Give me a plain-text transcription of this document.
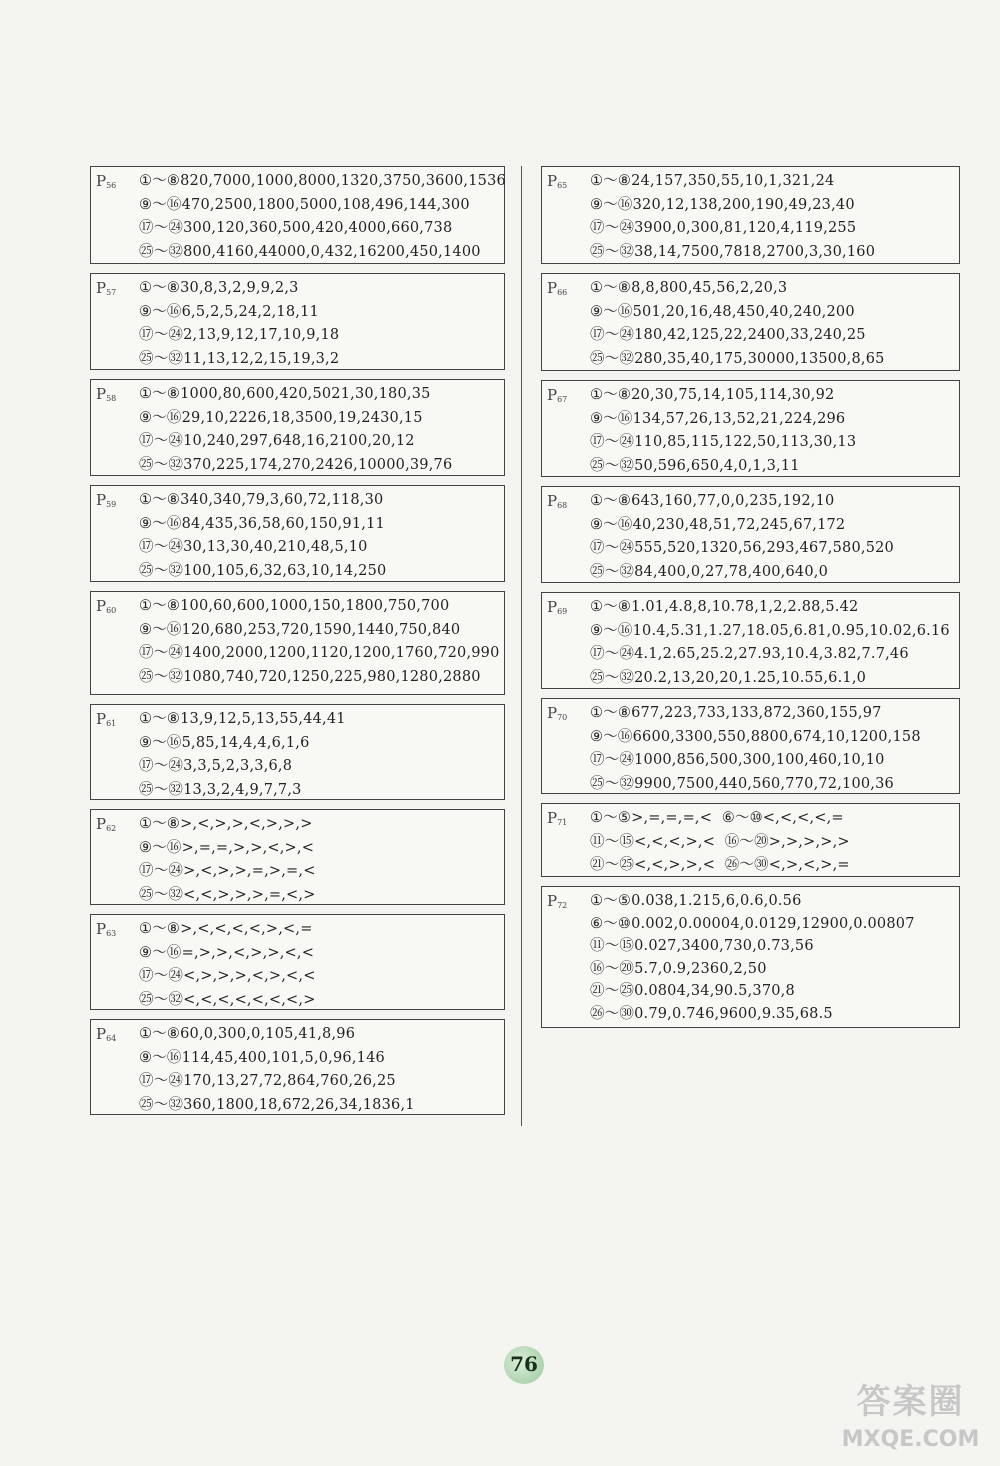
$P_{56}$	①～⑧820,7000,1000,8000,1320,3750,3600,1536
⑨～⑯470,2500,1800,5000,108,496,144,300
⑰～㉔300,120,360,500,420,4000,660,738
㉕～㉜800,4160,44000,0,432,16200,450,1400
$P_{57}$	①～⑧30,8,3,2,9,9,2,3
⑨～⑯6,5,2,5,24,2,18,11
⑰～㉔2,13,9,12,17,10,9,18
㉕～㉜11,13,12,2,15,19,3,2
$P_{58}$	①～⑧1000,80,600,420,5021,30,180,35
⑨～⑯29,10,2226,18,3500,19,2430,15
⑰～㉔10,240,297,648,16,2100,20,12
㉕～㉜370,225,174,270,2426,10000,39,76
$P_{59}$	①～⑧340,340,79,3,60,72,118,30
⑨～⑯84,435,36,58,60,150,91,11
⑰～㉔30,13,30,40,210,48,5,10
㉕～㉜100,105,6,32,63,10,14,250
$P_{60}$	①～⑧100,60,600,1000,150,1800,750,700
⑨～⑯120,680,253,720,1590,1440,750,840
⑰～㉔1400,2000,1200,1120,1200,1760,720,990
㉕～㉜1080,740,720,1250,225,980,1280,2880
$P_{61}$	①～⑧13,9,12,5,13,55,44,41
⑨～⑯5,85,14,4,4,6,1,6
⑰～㉔3,3,5,2,3,3,6,8
㉕～㉜13,3,2,4,9,7,7,3
$P_{62}$	①～⑧>,<,>,>,<,>,>,>
⑨～⑯>,=,=,>,>,<,>,<
⑰～㉔>,<,>,>,=,>,=,<
㉕～㉜<,<,>,>,>,=,<,>
$P_{63}$	①～⑧>,<,<,<,<,>,<,=
⑨～⑯=,>,>,<,>,>,<,<
⑰～㉔<,>,>,>,<,>,<,<
㉕～㉜<,<,<,<,<,<,<,>
$P_{64}$	①～⑧60,0,300,0,105,41,8,96
⑨～⑯114,45,400,101,5,0,96,146
⑰～㉔170,13,27,72,864,760,26,25
㉕～㉜360,1800,18,672,26,34,1836,1
$P_{65}$	①～⑧24,157,350,55,10,1,321,24
⑨～⑯320,12,138,200,190,49,23,40
⑰～㉔3900,0,300,81,120,4,119,255
㉕～㉜38,14,7500,7818,2700,3,30,160
$P_{66}$	①～⑧8,8,800,45,56,2,20,3
⑨～⑯501,20,16,48,450,40,240,200
⑰～㉔180,42,125,22,2400,33,240,25
㉕～㉜280,35,40,175,30000,13500,8,65
$P_{67}$	①～⑧20,30,75,14,105,114,30,92
⑨～⑯134,57,26,13,52,21,224,296
⑰～㉔110,85,115,122,50,113,30,13
㉕～㉜50,596,650,4,0,1,3,11
$P_{68}$	①～⑧643,160,77,0,0,235,192,10
⑨～⑯40,230,48,51,72,245,67,172
⑰～㉔555,520,1320,56,293,467,580,520
㉕～㉜84,400,0,27,78,400,640,0
$P_{69}$	①～⑧1.01,4.8,8,10.78,1,2,2.88,5.42
⑨～⑯10.4,5.31,1.27,18.05,6.81,0.95,10.02,6.16
⑰～㉔4.1,2.65,25.2,27.93,10.4,3.82,7.7,46
㉕～㉜20.2,13,20,20,1.25,10.55,6.1,0
$P_{70}$	①～⑧677,223,733,133,872,360,155,97
⑨～⑯6600,3300,550,8800,674,10,1200,158
⑰～㉔1000,856,500,300,100,460,10,10
㉕～㉜9900,7500,440,560,770,72,100,36
$P_{71}$	①～⑤>,=,=,=,<  ⑥～⑩<,<,<,<,=
⑪～⑮<,<,<,>,<  ⑯～⑳>,>,>,>,>
㉑～㉕<,<,>,>,<  ㉖～㉚<,>,<,>,=
$P_{72}$	①～⑤0.038,1.215,6,0.6,0.56
⑥～⑩0.002,0.00004,0.0129,12900,0.00807
⑪～⑮0.027,3400,730,0.73,56
⑯～⑳5.7,0.9,2360,2,50
㉑～㉕0.0804,34,90.5,370,8
㉖～㉚0.79,0.746,9600,9.35,68.5
76
答案圈
MXQE.COM
